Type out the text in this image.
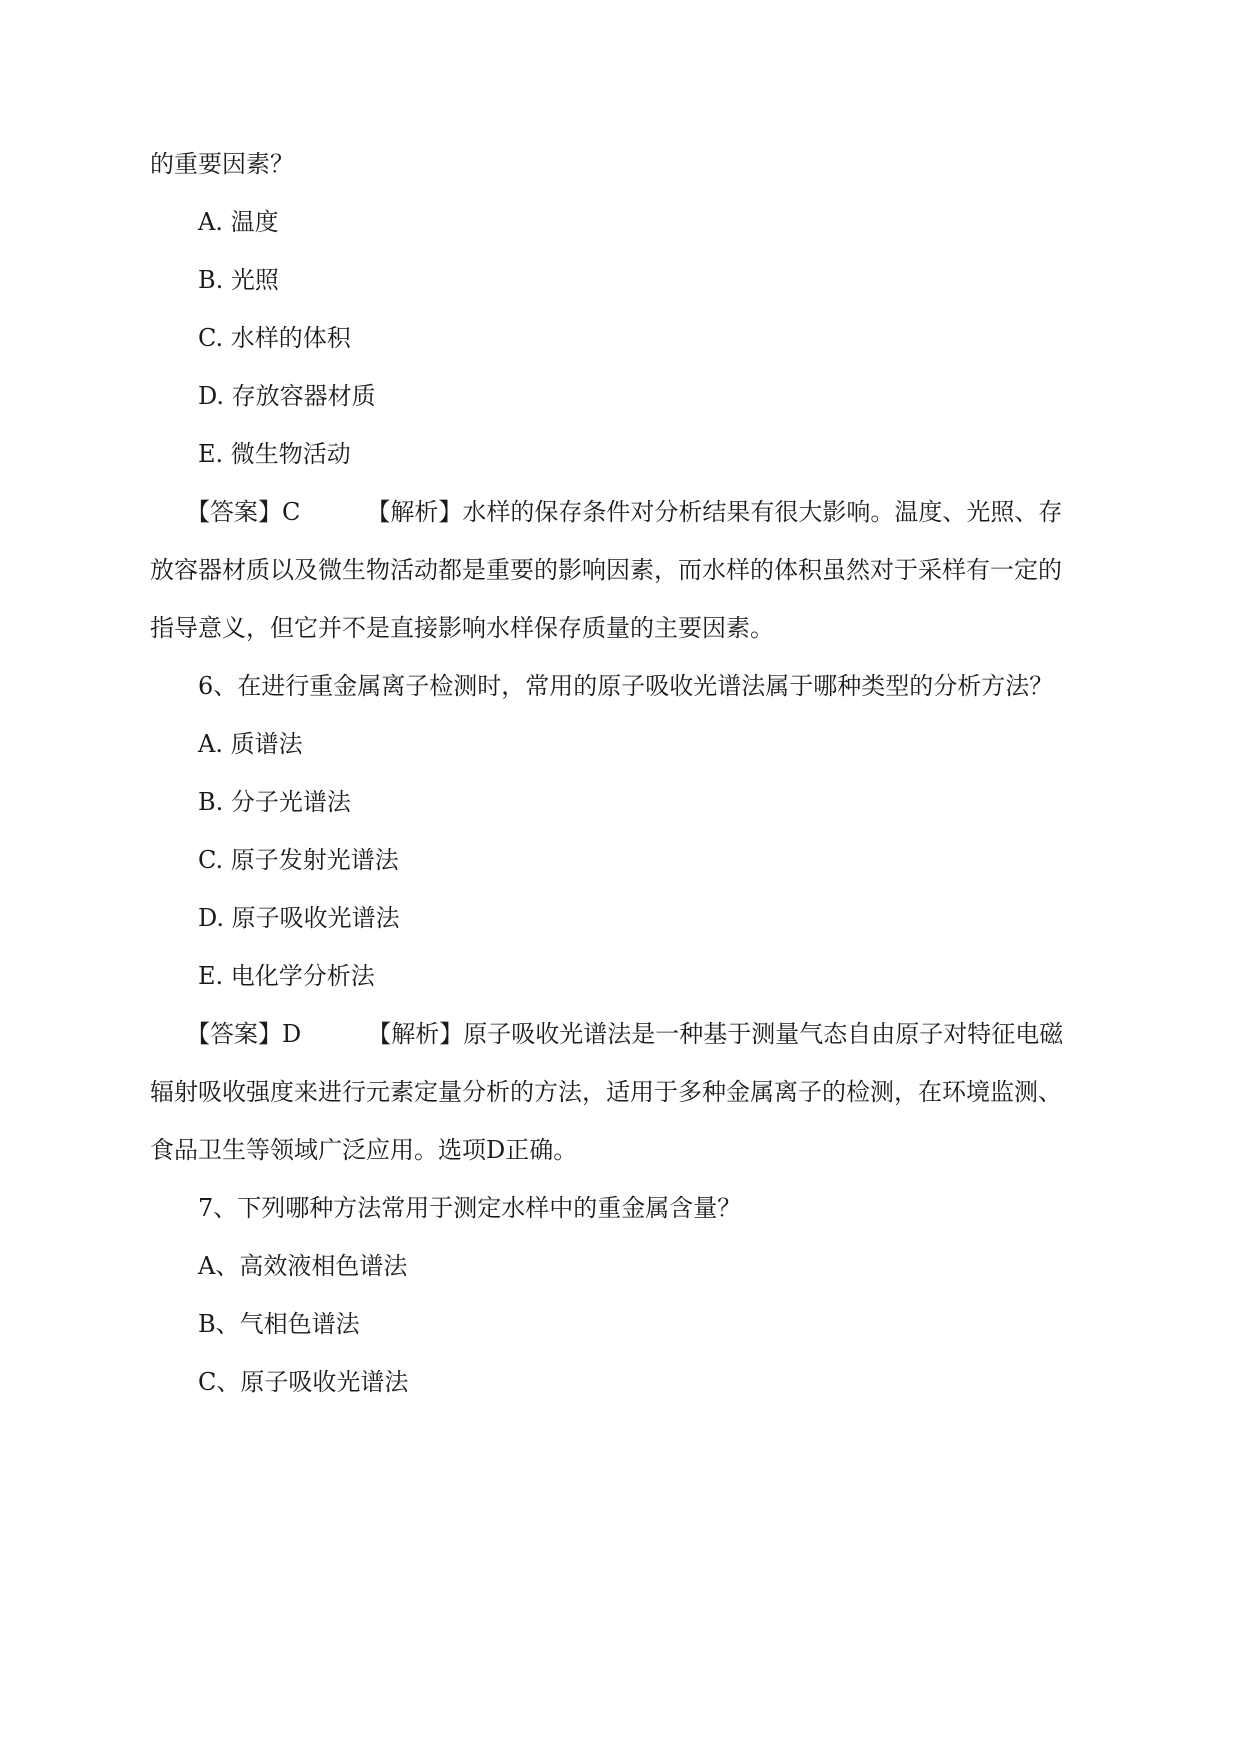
的重要因素？
A. 温度
B. 光照
C. 水样的体积
D. 存放容器材质
E. 微生物活动
【答案】C	【解析】水样的保存条件对分析结果有很大影响。温度、光照、存
放容器材质以及微生物活动都是重要的影响因素，而水样的体积虽然对于采样有一定的
指导意义，但它并不是直接影响水样保存质量的主要因素。
6、在进行重金属离子检测时，常用的原子吸收光谱法属于哪种类型的分析方法？
A. 质谱法
B. 分子光谱法
C. 原子发射光谱法
D. 原子吸收光谱法
E. 电化学分析法
【答案】D	【解析】原子吸收光谱法是一种基于测量气态自由原子对特征电磁
辐射吸收强度来进行元素定量分析的方法，适用于多种金属离子的检测，在环境监测、
食品卫生等领域广泛应用。选项D正确。
7、下列哪种方法常用于测定水样中的重金属含量？
A、高效液相色谱法
B、气相色谱法
C、原子吸收光谱法
